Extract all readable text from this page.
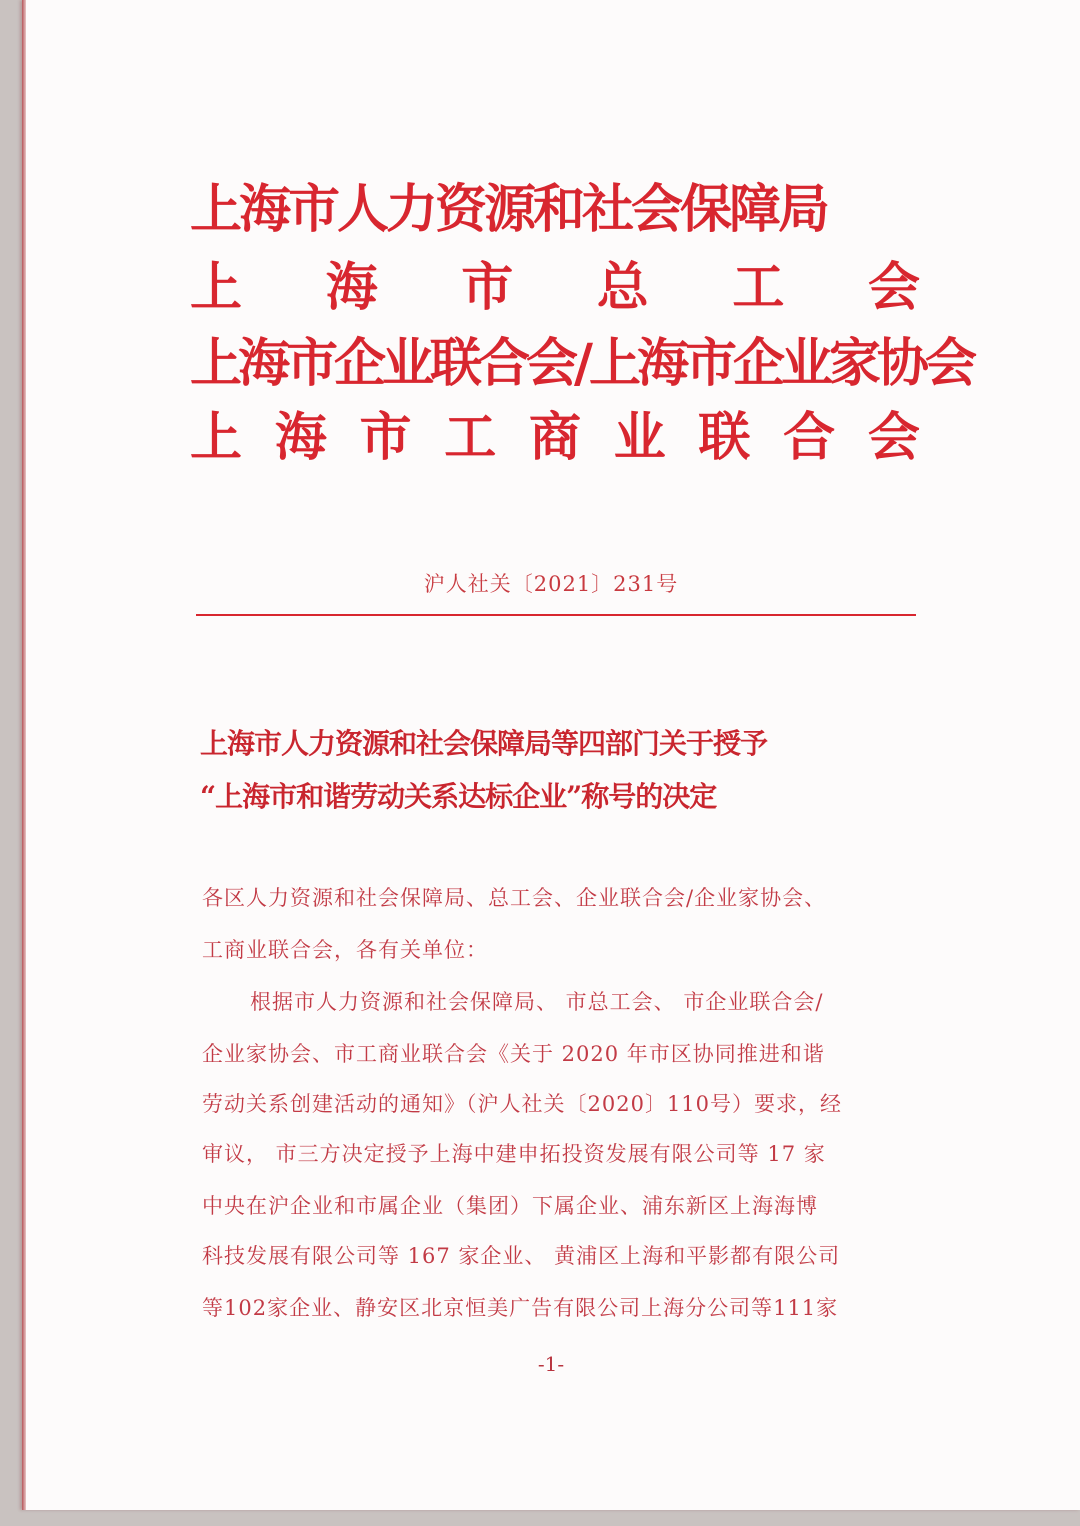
上海市人力资源和社会保障局
上 海 市 总 工 会
上海市企业联合会/上海市企业家协会
上 海 市 工 商 业 联 合 会
沪人社关〔2021〕231号
上海市人力资源和社会保障局等四部门关于授予
“上海市和谐劳动关系达标企业”称号的决定
各区人力资源和社会保障局、总工会、企业联合会/企业家协会、
工商业联合会，各有关单位：
根据市人力资源和社会保障局、 市总工会、 市企业联合会/
企业家协会、市工商业联合会《关于 2020 年市区协同推进和谐
劳动关系创建活动的通知》（沪人社关〔2020〕110号）要求，经
审议， 市三方决定授予上海中建申拓投资发展有限公司等 17 家
中央在沪企业和市属企业（集团）下属企业、浦东新区上海海博
科技发展有限公司等 167 家企业、 黄浦区上海和平影都有限公司
等102家企业、静安区北京恒美广告有限公司上海分公司等111家
-1-
